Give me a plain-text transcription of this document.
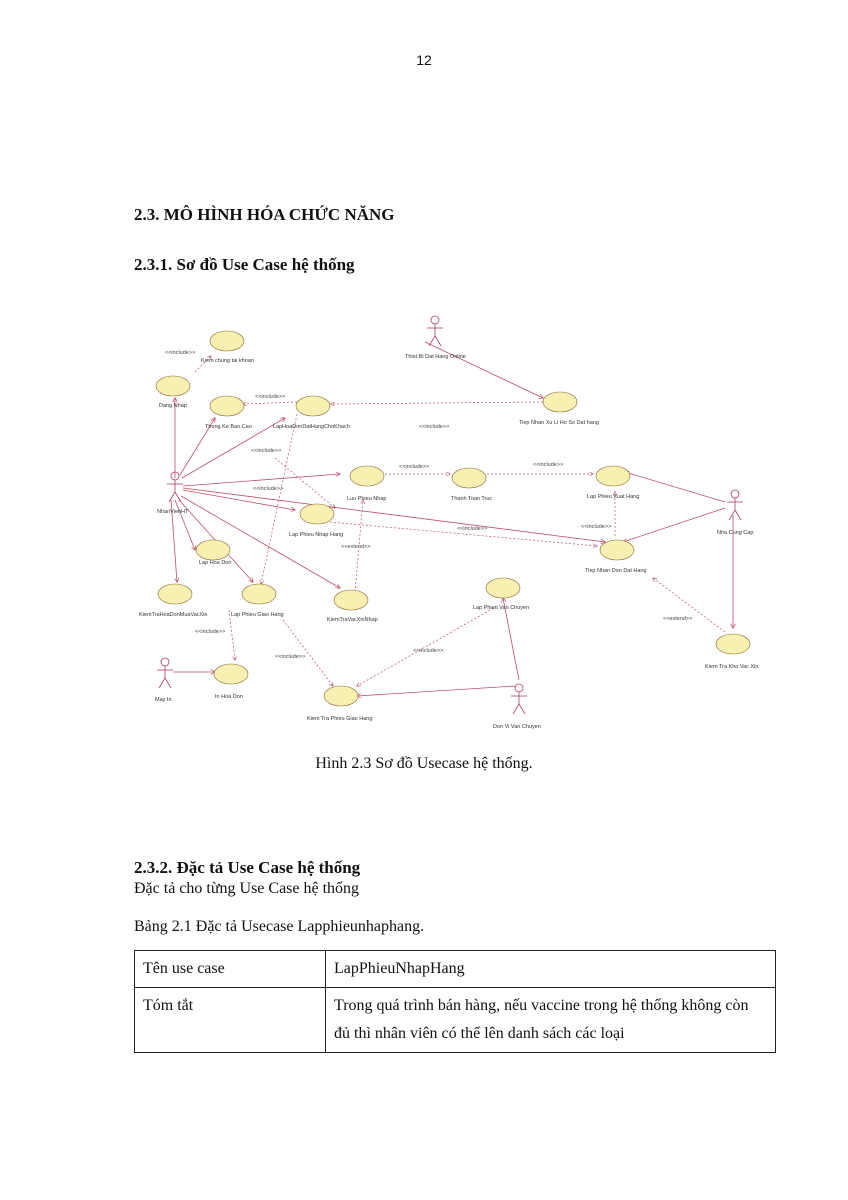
12
2.3. MÔ HÌNH HÓA CHỨC NĂNG
2.3.1. Sơ đồ Use Case hệ thống
<<include>>
<<include>>
<<include>>
<<include>>
<<include>>
<<include>>	<<include>>
<<include>>
<<extend>>
<<include>>
<<extend>>
<<include>>
<<include>>
<<include>>
Kiem chung tai khoan
Dang Nhap
Thong Ke Bao Cao	LapHoaDonDatHangChoKhach
Tiep Nhan Xu Li Ho So Dat hang
Luu Phieu Nhap	Thanh Toan Truc	Lap Phieu Xuat Hang
Lap Phieu Nhap Hang
Tiep Nhan Don Dat Hang
Lap Hoa Don
KiemTraHoaDonMuaVacXin	Lap Phieu Giao Hang
KiemTraVacXinNhap
Lap Phieu Van Chuyen
Kiem Tra Kho Vac Xin
In Hoa Don
Kiem Tra Phieu Giao Hang
NhanVienHT
Thiet Bi Dat Hang Online
Nha Cung Cap
May In
Don Vi Van Chuyen
Hình 2.3 Sơ đồ Usecase hệ thống.
2.3.2. Đặc tả Use Case hệ thống
Đặc tả cho từng Use Case hệ thống
Bảng 2.1 Đặc tả Usecase Lapphieunhaphang.
Tên use case	LapPhieuNhapHang
Tóm tắt	Trong quá trình bán hàng, nếu vaccine trong hệ thống không còn đủ thì nhân viên có thể lên danh sách các loại
